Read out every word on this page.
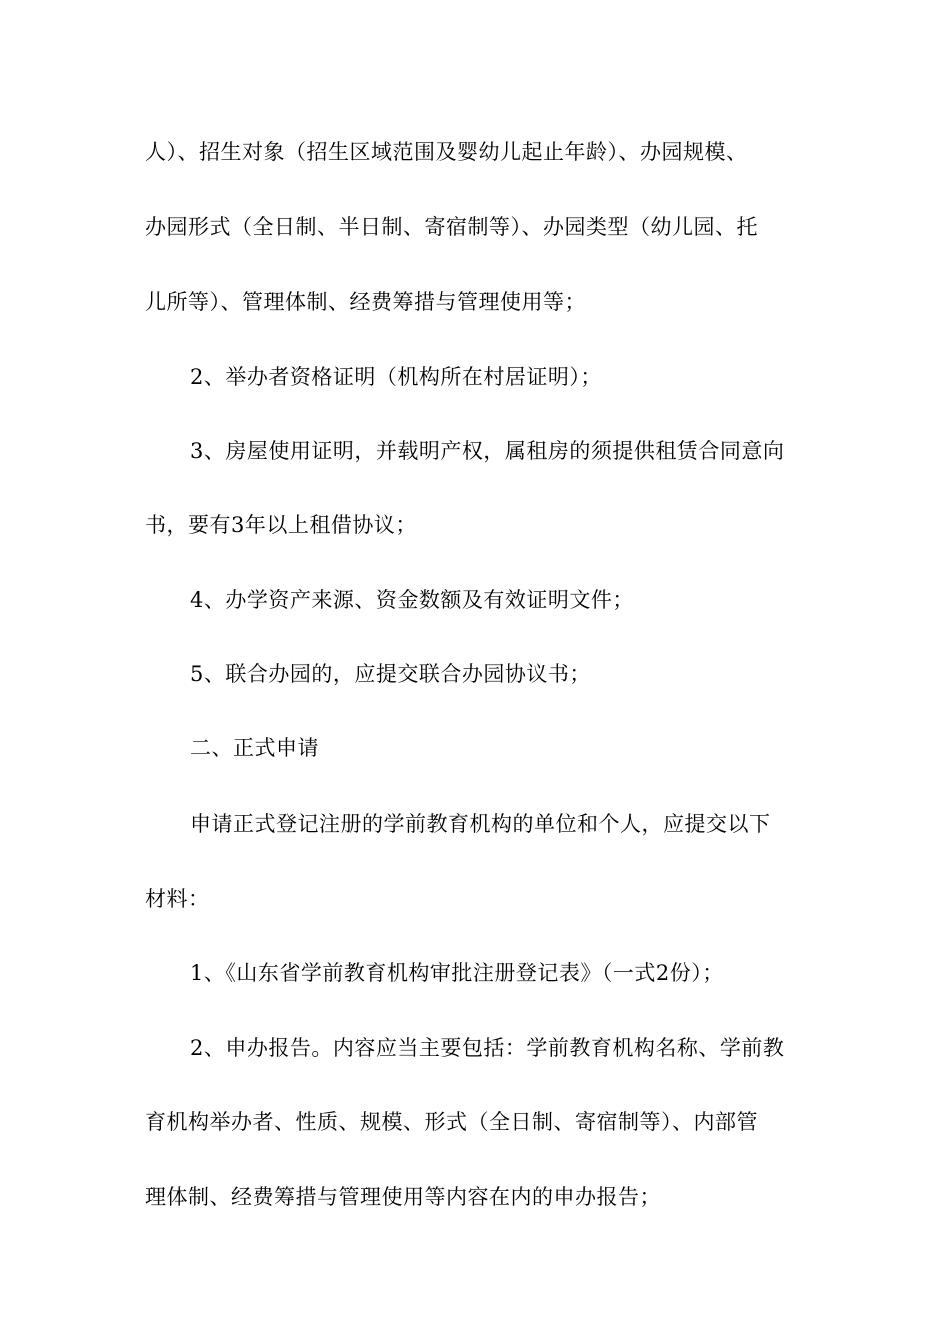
人）、招生对象（招生区域范围及婴幼儿起止年龄）、办园规模、
办园形式（全日制、半日制、寄宿制等）、办园类型（幼儿园、托
儿所等）、管理体制、经费筹措与管理使用等；
2、举办者资格证明（机构所在村居证明）；
3、房屋使用证明，并载明产权，属租房的须提供租赁合同意向
书，要有3年以上租借协议；
4、办学资产来源、资金数额及有效证明文件；
5、联合办园的，应提交联合办园协议书；
二、正式申请
申请正式登记注册的学前教育机构的单位和个人，应提交以下
材料：
1、《山东省学前教育机构审批注册登记表》（一式2份）；
2、申办报告。内容应当主要包括：学前教育机构名称、学前教
育机构举办者、性质、规模、形式（全日制、寄宿制等）、内部管
理体制、经费筹措与管理使用等内容在内的申办报告；
